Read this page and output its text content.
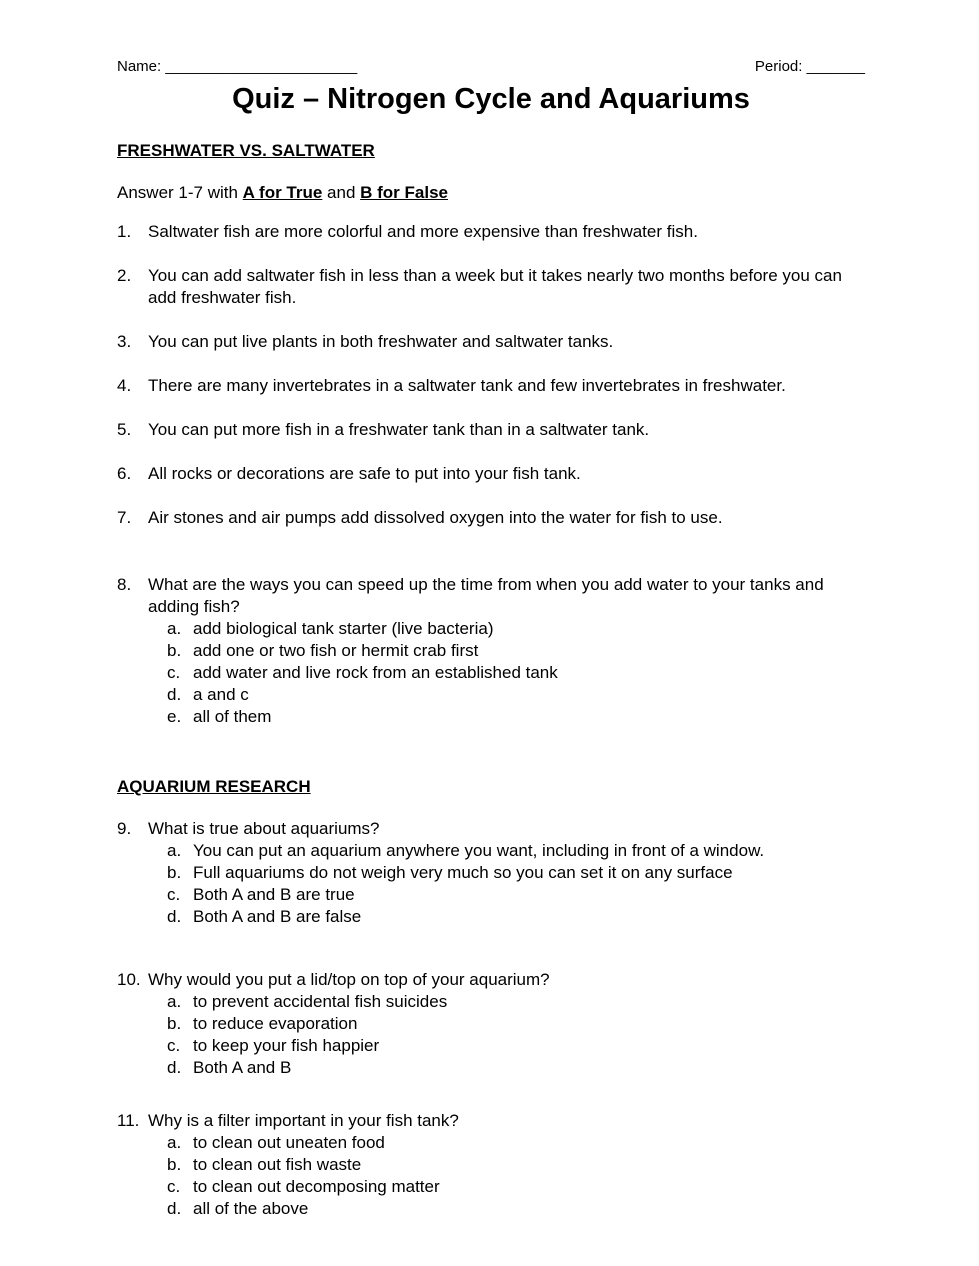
Name: _______________________	Period: _______
Quiz – Nitrogen Cycle and Aquariums
FRESHWATER VS. SALTWATER
Answer 1-7 with A for True and B for False
1. Saltwater fish are more colorful and more expensive than freshwater fish.
2. You can add saltwater fish in less than a week but it takes nearly two months before you can add freshwater fish.
3. You can put live plants in both freshwater and saltwater tanks.
4. There are many invertebrates in a saltwater tank and few invertebrates in freshwater.
5. You can put more fish in a freshwater tank than in a saltwater tank.
6. All rocks or decorations are safe to put into your fish tank.
7. Air stones and air pumps add dissolved oxygen into the water for fish to use.
8. What are the ways you can speed up the time from when you add water to your tanks and adding fish?
a. add biological tank starter (live bacteria)
b. add one or two fish or hermit crab first
c. add water and live rock from an established tank
d. a and c
e. all of them
AQUARIUM RESEARCH
9. What is true about aquariums?
a. You can put an aquarium anywhere you want, including in front of a window.
b. Full aquariums do not weigh very much so you can set it on any surface
c. Both A and B are true
d. Both A and B are false
10. Why would you put a lid/top on top of your aquarium?
a. to prevent accidental fish suicides
b. to reduce evaporation
c. to keep your fish happier
d. Both A and B
11. Why is a filter important in your fish tank?
a. to clean out uneaten food
b. to clean out fish waste
c. to clean out decomposing matter
d. all of the above
